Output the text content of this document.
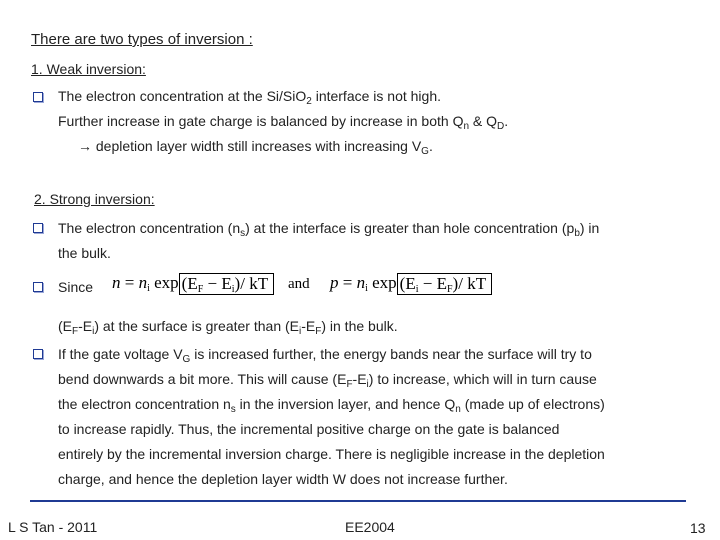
There are two types of inversion :
1. Weak inversion:
The electron concentration at the Si/SiO$_2$ interface is not high.
Further increase in gate charge is balanced by increase in both $Q_n$ & $Q_D$.
→ depletion layer width still increases with increasing $V_G$.
2. Strong inversion:
The electron concentration $(n_s)$ at the interface is greater than hole concentration $(p_b)$ in
the bulk.
Since $n = n_i$ $\exp (E_F - E_i)/$ kT	and $p = n_i$ $\exp (E_i - E_F)/$ kT
$(E_F-E_i)$ at the surface is greater than $(E_i-E_F)$ in the bulk.
If the gate voltage $V_G$ is increased further, the energy bands near the surface will try to
bend downwards a bit more. This will cause $(E_F-E_i)$ to increase, which will in turn cause
the electron concentration $n_s$ in the inversion layer, and hence $Q_n$ (made up of electrons)
to increase rapidly. Thus, the incremental positive charge on the gate is balanced
entirely by the incremental inversion charge. There is negligible increase in the depletion
charge, and hence the depletion layer width W does not increase further.
L S Tan - 2011	EE2004	13
